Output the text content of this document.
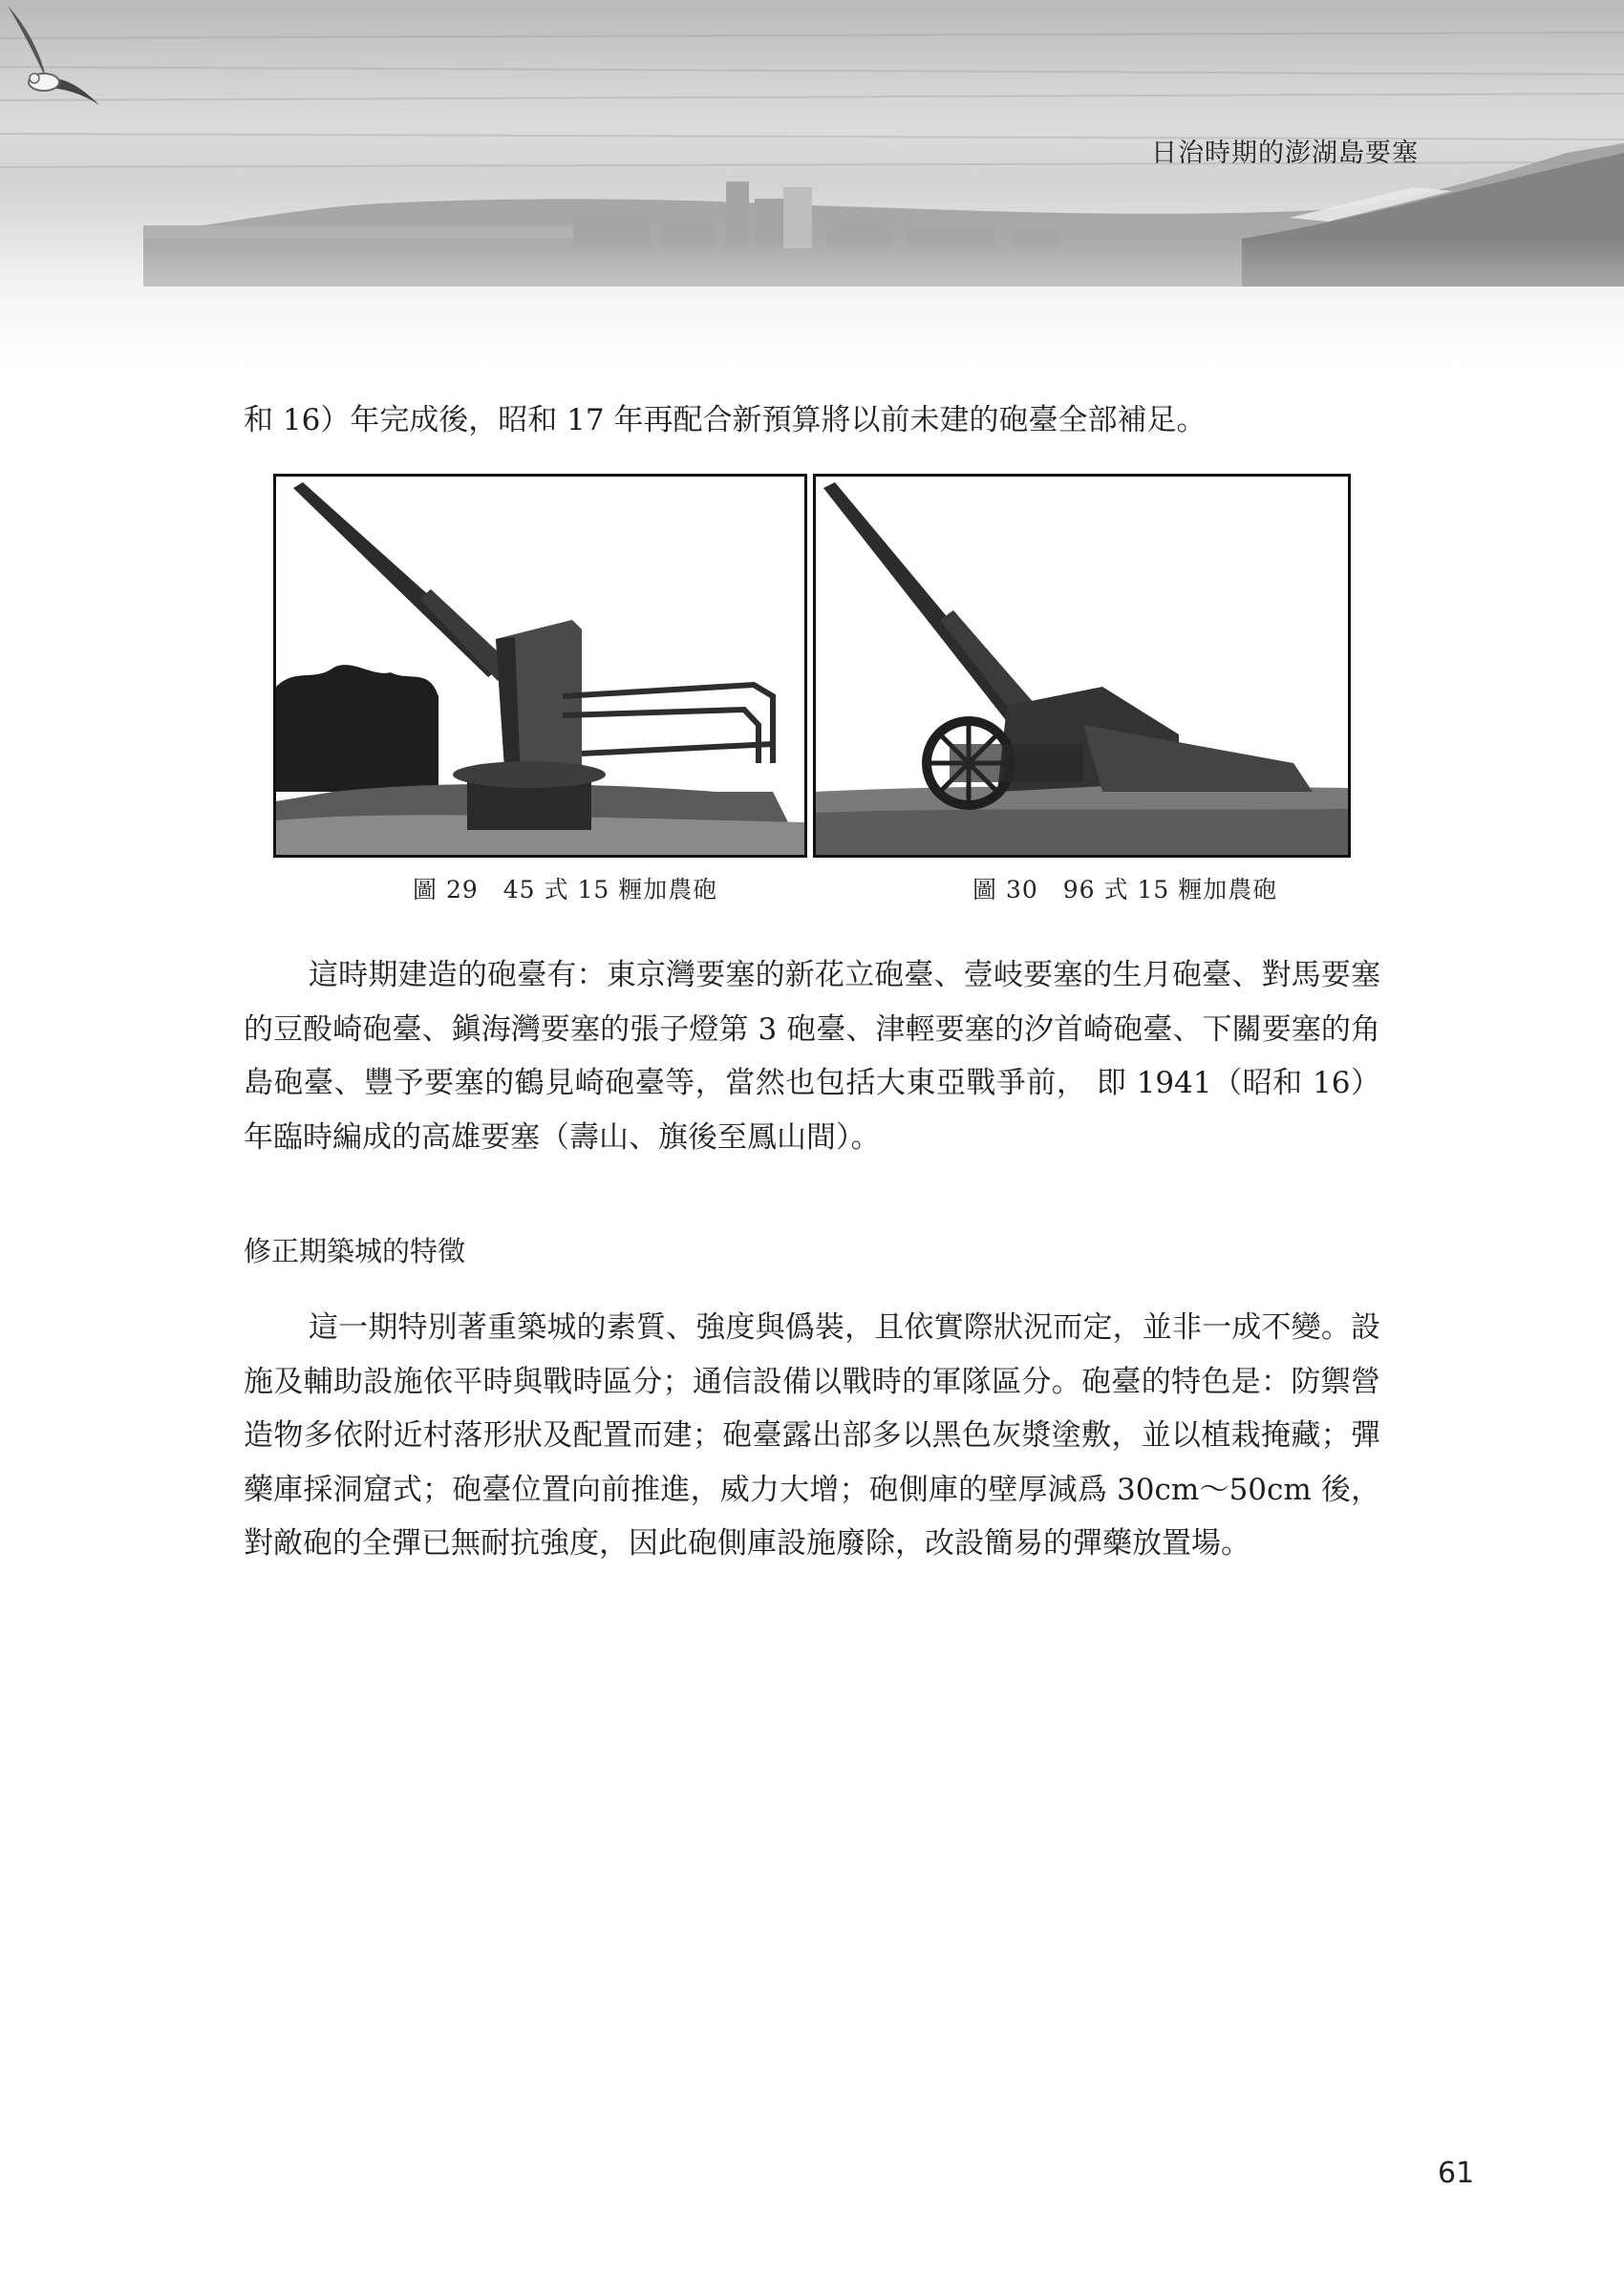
日治時期的澎湖島要塞
和 16）年完成後，昭和 17 年再配合新預算將以前未建的砲臺全部補足。
圖 29　45 式 15 糎加農砲	圖 30　96 式 15 糎加農砲
這時期建造的砲臺有：東京灣要塞的新花立砲臺、壹岐要塞的生月砲臺、對馬要塞的豆酘崎砲臺、鎭海灣要塞的張子燈第 3 砲臺、津輕要塞的汐首崎砲臺、下關要塞的角島砲臺、豐予要塞的鶴見崎砲臺等，當然也包括大東亞戰爭前， 即 1941（昭和 16）年臨時編成的高雄要塞（壽山、旗後至鳳山間）。
修正期築城的特徵
這一期特別著重築城的素質、強度與僞裝，且依實際狀況而定，並非一成不變。設施及輔助設施依平時與戰時區分；通信設備以戰時的軍隊區分。砲臺的特色是：防禦營造物多依附近村落形狀及配置而建；砲臺露出部多以黑色灰漿塗敷，並以植栽掩藏；彈藥庫採洞窟式；砲臺位置向前推進，威力大增；砲側庫的壁厚減爲 30cm～50cm 後，對敵砲的全彈已無耐抗強度，因此砲側庫設施廢除，改設簡易的彈藥放置場。
61
